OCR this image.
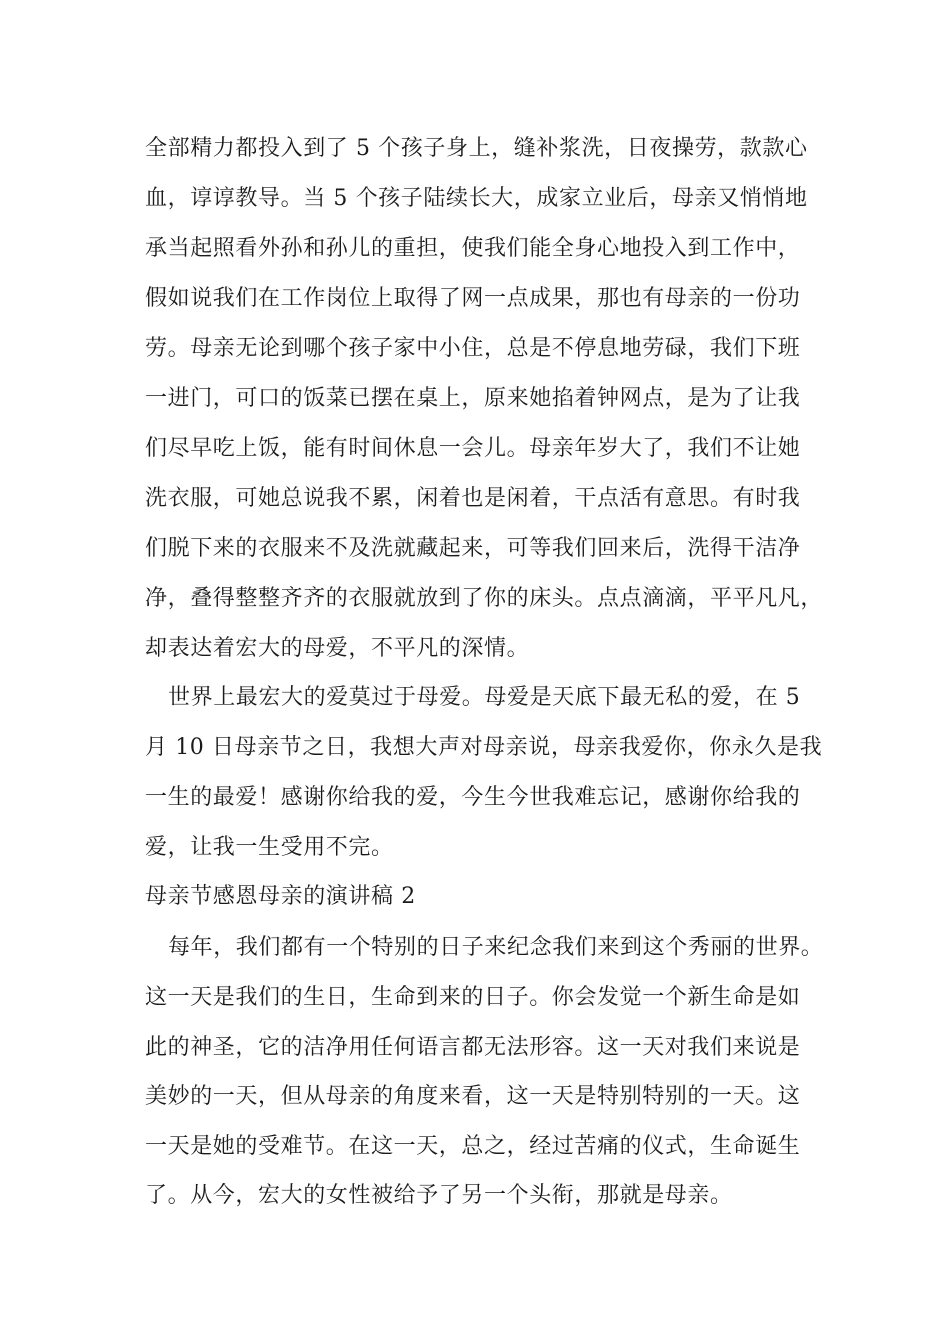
全部精力都投入到了 5 个孩子身上，缝补浆洗，日夜操劳，款款心
血，谆谆教导。当 5 个孩子陆续长大，成家立业后，母亲又悄悄地
承当起照看外孙和孙儿的重担，使我们能全身心地投入到工作中，
假如说我们在工作岗位上取得了网一点成果，那也有母亲的一份功
劳。母亲无论到哪个孩子家中小住，总是不停息地劳碌，我们下班
一进门，可口的饭菜已摆在桌上，原来她掐着钟网点，是为了让我
们尽早吃上饭，能有时间休息一会儿。母亲年岁大了，我们不让她
洗衣服，可她总说我不累，闲着也是闲着，干点活有意思。有时我
们脱下来的衣服来不及洗就藏起来，可等我们回来后，洗得干洁净
净，叠得整整齐齐的衣服就放到了你的床头。点点滴滴，平平凡凡，
却表达着宏大的母爱，不平凡的深情。
世界上最宏大的爱莫过于母爱。母爱是天底下最无私的爱，在 5
月 10 日母亲节之日，我想大声对母亲说，母亲我爱你，你永久是我
一生的最爱！感谢你给我的爱，今生今世我难忘记，感谢你给我的
爱，让我一生受用不完。
母亲节感恩母亲的演讲稿 2
每年，我们都有一个特别的日子来纪念我们来到这个秀丽的世界。
这一天是我们的生日，生命到来的日子。你会发觉一个新生命是如
此的神圣，它的洁净用任何语言都无法形容。这一天对我们来说是
美妙的一天，但从母亲的角度来看，这一天是特别特别的一天。这
一天是她的受难节。在这一天，总之，经过苦痛的仪式，生命诞生
了。从今，宏大的女性被给予了另一个头衔，那就是母亲。
